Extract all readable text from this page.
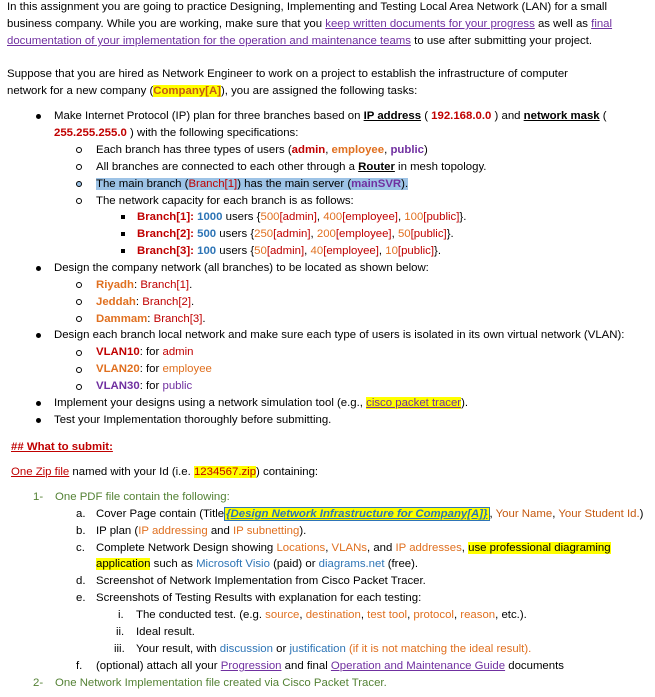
In this assignment you are going to practice Designing, Implementing and Testing Local Area Network (LAN) for a small
business company. While you are working, make sure that you keep written documents for your progress as well as final
documentation of your implementation for the operation and maintenance teams to use after submitting your project.
Suppose that you are hired as Network Engineer to work on a project to establish the infrastructure of computer
network for a new company (Company[A]), you are assigned the following tasks:
Make Internet Protocol (IP) plan for three branches based on IP address ( 192.168.0.0 ) and network mask (
255.255.255.0 ) with the following specifications:
Each branch has three types of users (admin, employee, public)
All branches are connected to each other through a Router in mesh topology.
The main branch (Branch[1]) has the main server (mainSVR).
The network capacity for each branch is as follows:
Branch[1]: 1000 users {500[admin], 400[employee], 100[public]}.
Branch[2]: 500 users {250[admin], 200[employee], 50[public]}.
Branch[3]: 100 users {50[admin], 40[employee], 10[public]}.
Design the company network (all branches) to be located as shown below:
Riyadh: Branch[1].
Jeddah: Branch[2].
Dammam: Branch[3].
Design each branch local network and make sure each type of users is isolated in its own virtual network (VLAN):
VLAN10: for admin
VLAN20: for employee
VLAN30: for public
Implement your designs using a network simulation tool (e.g., cisco packet tracer).
Test your Implementation thoroughly before submitting.
## What to submit:
One Zip file named with your Id (i.e. 1234567.zip) containing:
1- One PDF file contain the following:
a. Cover Page contain (Title {Design Network Infrastructure for Company[A]} , Your Name, Your Student Id.)
b. IP plan (IP addressing and IP subnetting).
c. Complete Network Design showing Locations, VLANs, and IP addresses, use professional diagraming
application such as Microsoft Visio (paid) or diagrams.net (free).
d. Screenshot of Network Implementation from Cisco Packet Tracer.
e. Screenshots of Testing Results with explanation for each testing:
i. The conducted test. (e.g. source, destination, test tool, protocol, reason, etc.).
ii. Ideal result.
iii. Your result, with discussion or justification (if it is not matching the ideal result).
f. (optional) attach all your Progression and final Operation and Maintenance Guide documents
2- One Network Implementation file created via Cisco Packet Tracer.
